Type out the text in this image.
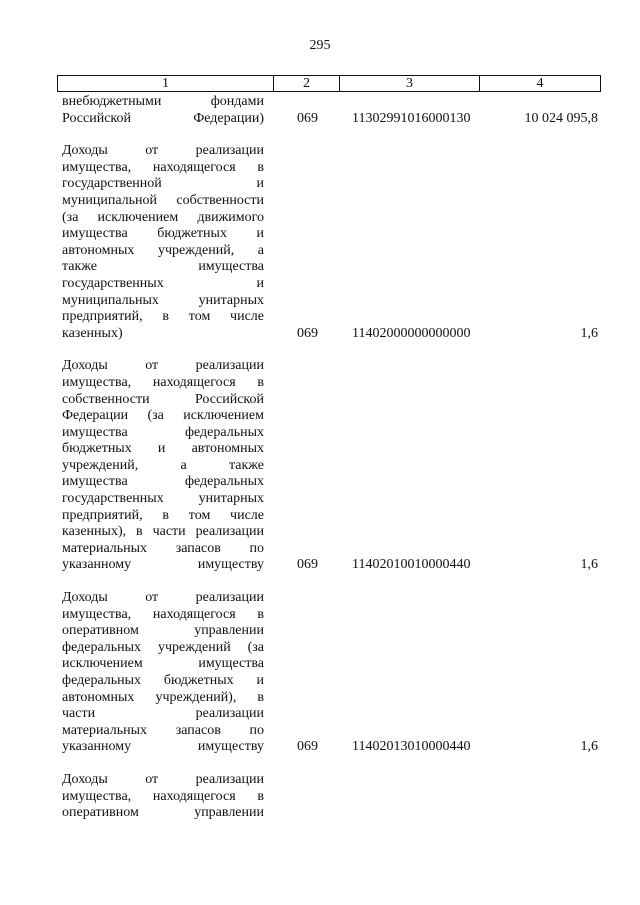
295
1	2	3	4
внебюджетными фондами
Российской Федерации) 069 11302991016000130	10 024 095,8
Доходы от реализации
имущества, находящегося в
государственной и
муниципальной собственности
(за исключением движимого
имущества бюджетных и
автономных учреждений, а
также имущества
государственных и
муниципальных унитарных
предприятий, в том числе
казенных)	069 11402000000000000	1,6
Доходы от реализации
имущества, находящегося в
собственности Российской
Федерации (за исключением
имущества федеральных
бюджетных и автономных
учреждений, а также
имущества федеральных
государственных унитарных
предприятий, в том числе
казенных), в части реализации
материальных запасов по
указанному имуществу 069 11402010010000440	1,6
Доходы от реализации
имущества, находящегося в
оперативном управлении
федеральных учреждений (за
исключением имущества
федеральных бюджетных и
автономных учреждений), в
части реализации
материальных запасов по
указанному имуществу 069 11402013010000440	1,6
Доходы от реализации
имущества, находящегося в
оперативном управлении
